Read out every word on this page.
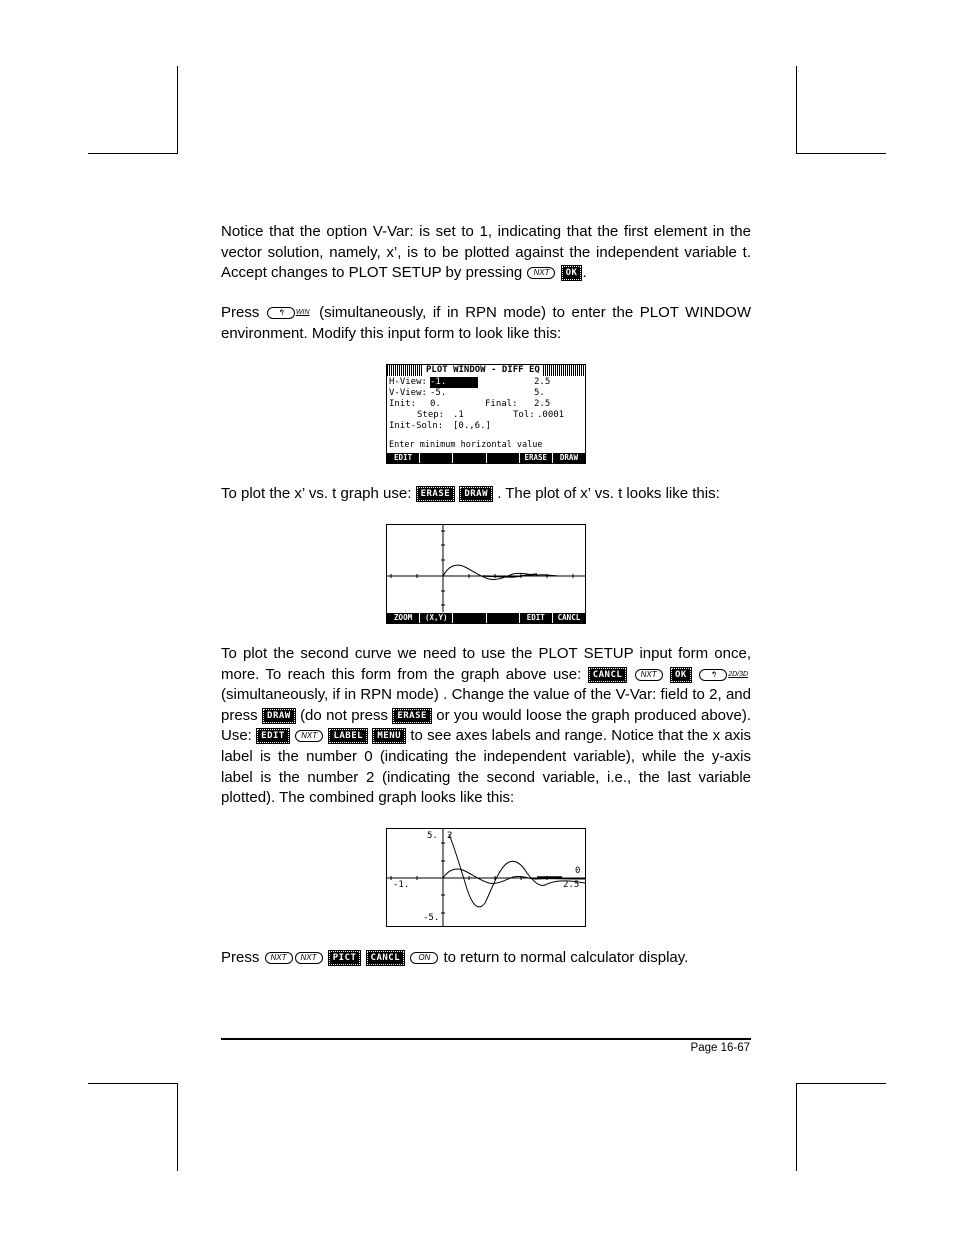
Notice that the option V-Var: is set to 1, indicating that the first element in the vector solution, namely, x’, is to be plotted against the independent variable t. Accept changes to PLOT SETUP by pressing NXT OK .

Press ↰ WIN (simultaneously, if in RPN mode) to enter the PLOT WINDOW environment. Modify this input form to look like this:

PLOT WINDOW - DIFF EQ
H-View: -1.	2.5
V-View: -5.	5.
Init: 0.	Final: 2.5
Step: .1	Tol: .0001
Init-Soln: [0.,6.]
Enter minimum horizontal value
EDIT	ERASE	DRAW

To plot the x’ vs. t graph use: ERASE DRAW . The plot of x’ vs. t looks like this:

ZOOM	(X,Y)	EDIT	CANCL

To plot the second curve we need to use the PLOT SETUP input form once, more. To reach this form from the graph above use: CANCL NXT OK	↰ 2D/3D(simultaneously, if in RPN mode) . Change the value of the V-Var: field to 2, and press DRAW (do not press ERASE or you would loose the graph produced above). Use: EDIT NXT LABEL MENU to see axes labels and range. Notice that the x axis label is the number 0 (indicating the independent variable), while the y-axis label is the number 2 (indicating the second variable, i.e., the last variable plotted). The combined graph looks like this:

5. 2
0
-1.	2.5
-5.

Press NXT NXT PICT CANCL ON to return to normal calculator display.

Page 16-67
